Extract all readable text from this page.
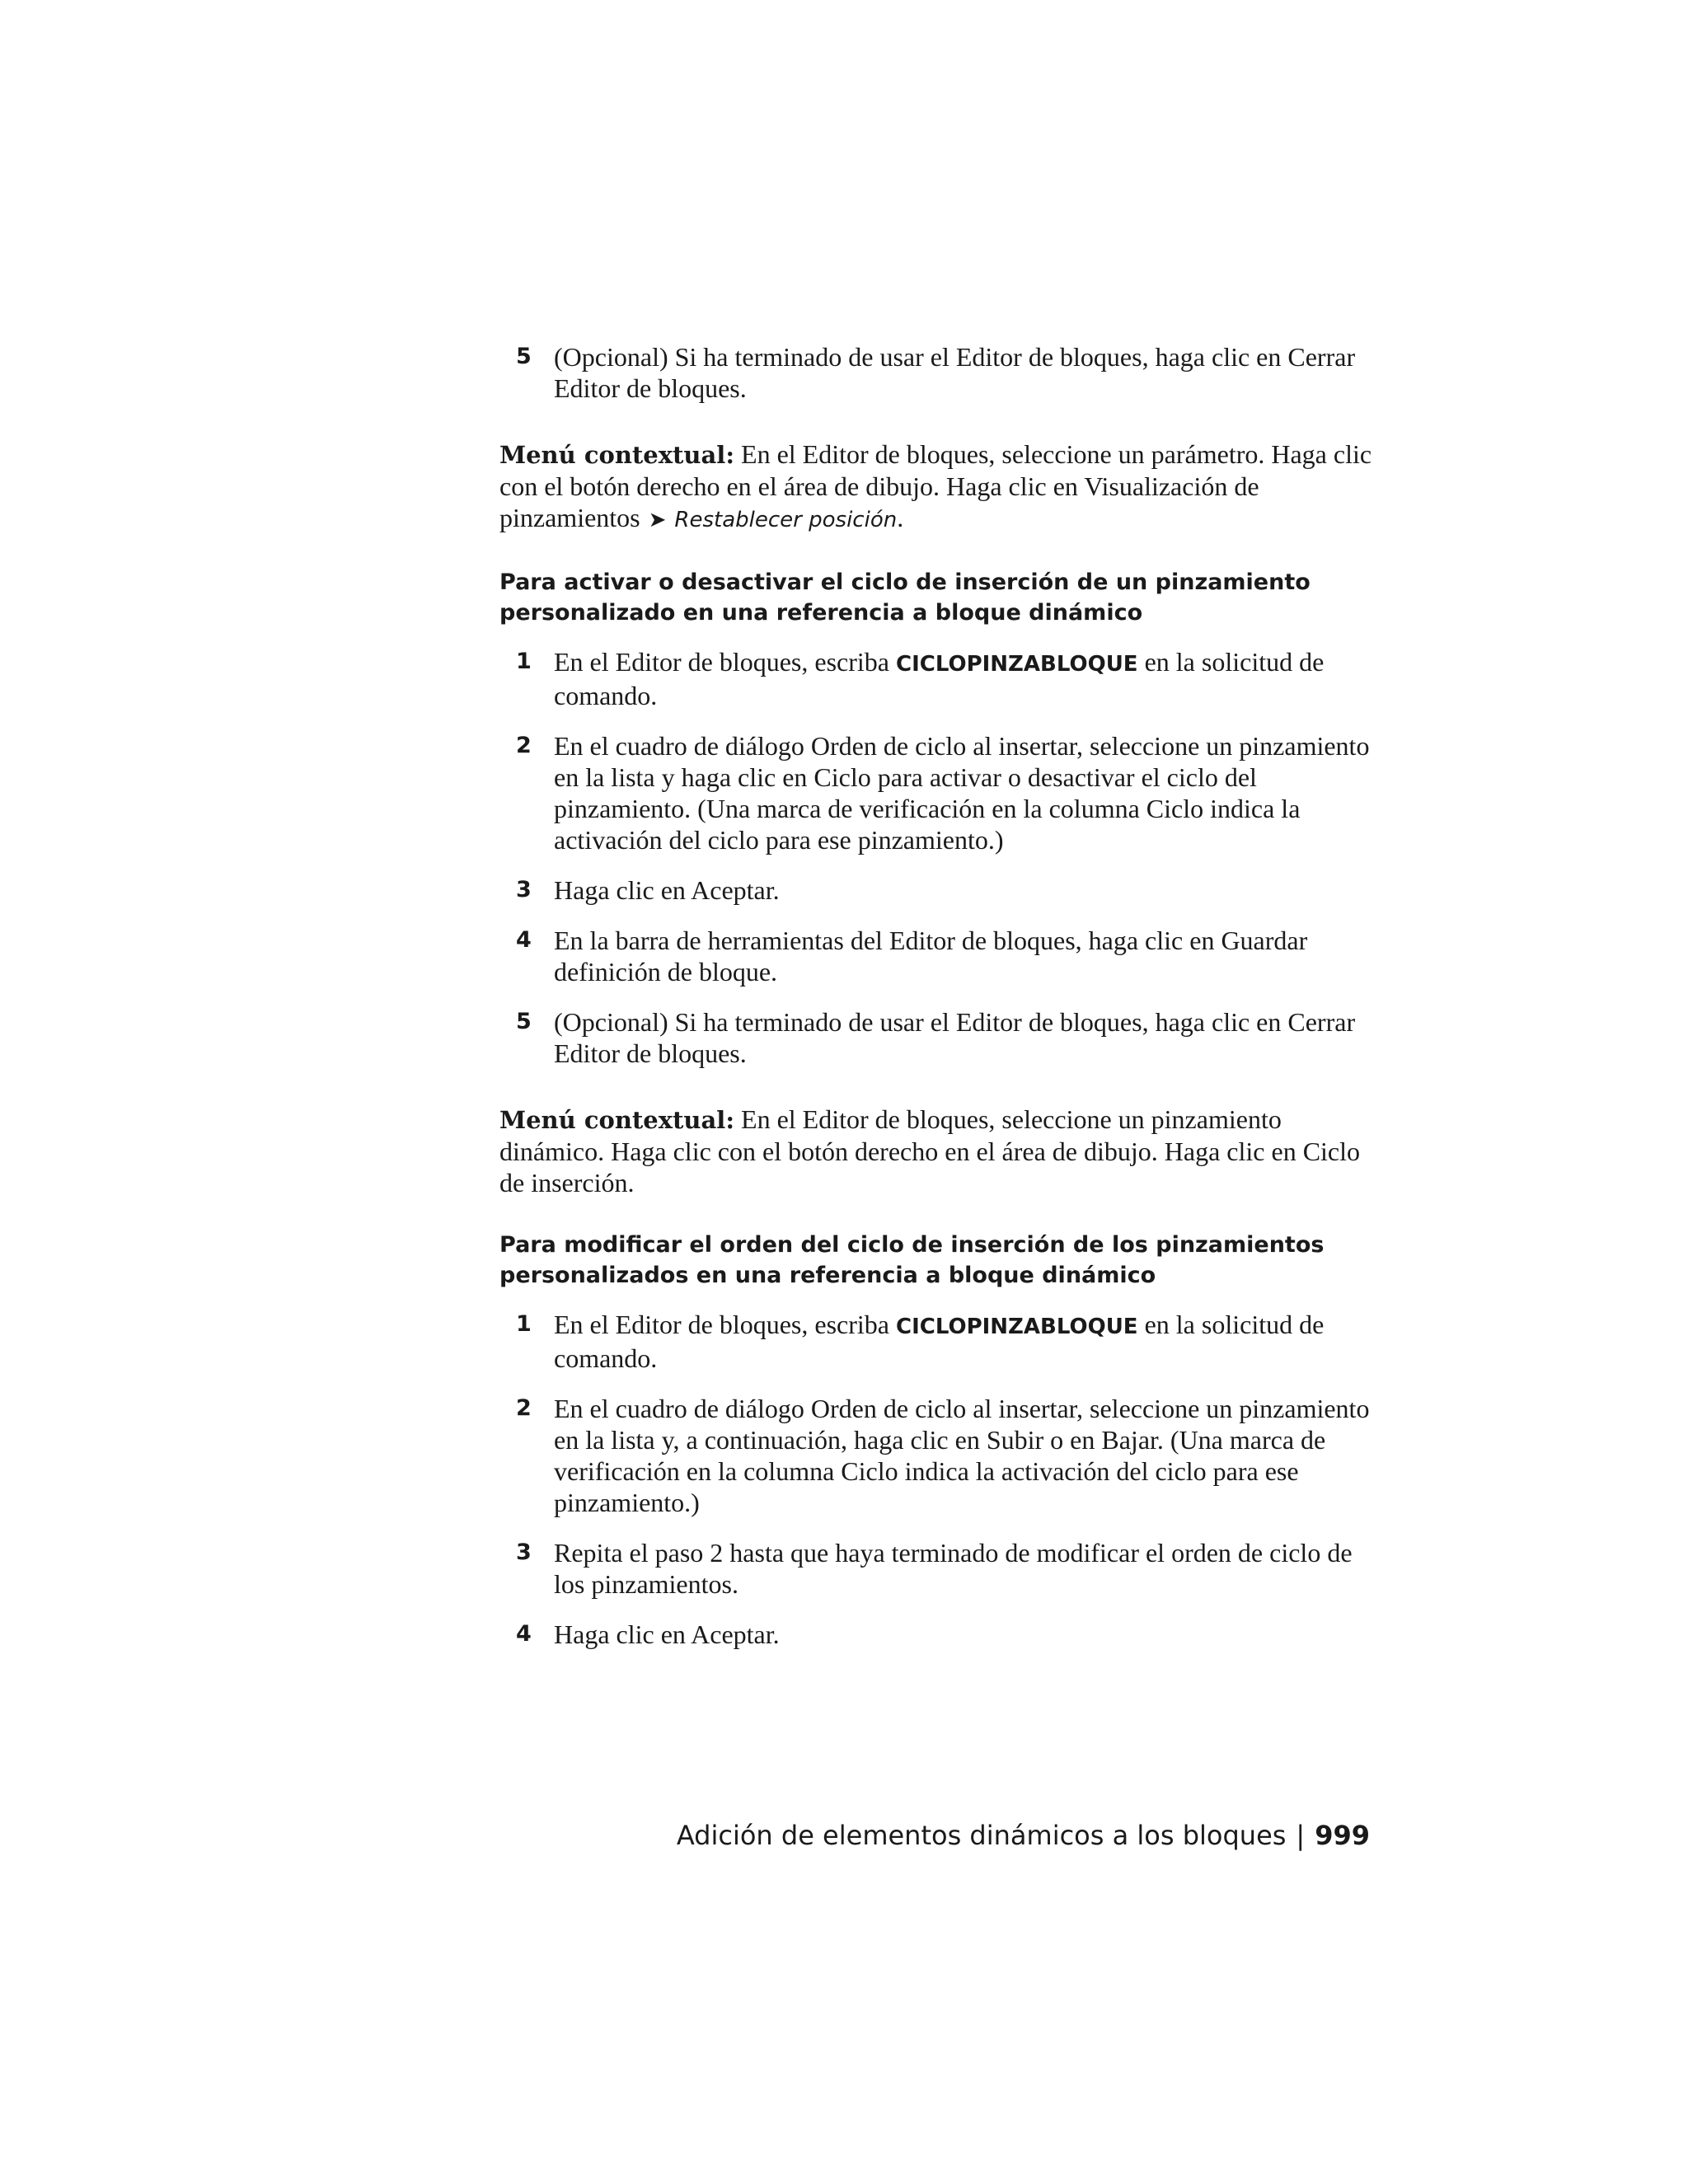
5 (Opcional) Si ha terminado de usar el Editor de bloques, haga clic en Cerrar Editor de bloques.

Menú contextual: En el Editor de bloques, seleccione un parámetro. Haga clic con el botón derecho en el área de dibujo. Haga clic en Visualización de pinzamientos ➤ Restablecer posición.

Para activar o desactivar el ciclo de inserción de un pinzamiento personalizado en una referencia a bloque dinámico
1 En el Editor de bloques, escriba CICLOPINZABLOQUE en la solicitud de comando.
2 En el cuadro de diálogo Orden de ciclo al insertar, seleccione un pinzamiento en la lista y haga clic en Ciclo para activar o desactivar el ciclo del pinzamiento. (Una marca de verificación en la columna Ciclo indica la activación del ciclo para ese pinzamiento.)
3 Haga clic en Aceptar.
4 En la barra de herramientas del Editor de bloques, haga clic en Guardar definición de bloque.
5 (Opcional) Si ha terminado de usar el Editor de bloques, haga clic en Cerrar Editor de bloques.

Menú contextual: En el Editor de bloques, seleccione un pinzamiento dinámico. Haga clic con el botón derecho en el área de dibujo. Haga clic en Ciclo de inserción.

Para modificar el orden del ciclo de inserción de los pinzamientos personalizados en una referencia a bloque dinámico
1 En el Editor de bloques, escriba CICLOPINZABLOQUE en la solicitud de comando.
2 En el cuadro de diálogo Orden de ciclo al insertar, seleccione un pinzamiento en la lista y, a continuación, haga clic en Subir o en Bajar. (Una marca de verificación en la columna Ciclo indica la activación del ciclo para ese pinzamiento.)
3 Repita el paso 2 hasta que haya terminado de modificar el orden de ciclo de los pinzamientos.
4 Haga clic en Aceptar.
Adición de elementos dinámicos a los bloques | 999
